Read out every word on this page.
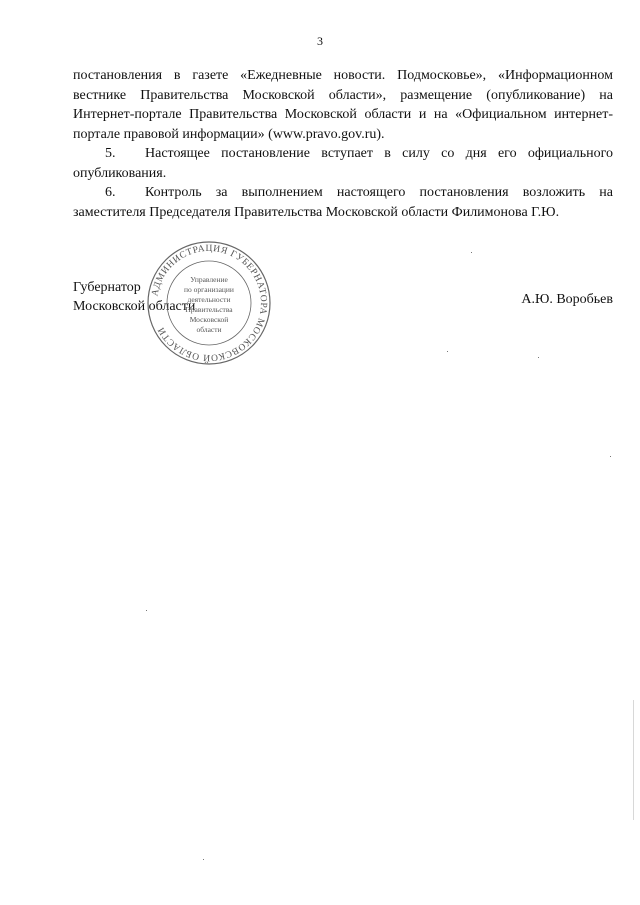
3

постановления в газете «Ежедневные новости. Подмосковье», «Информационном вестнике Правительства Московской области», размещение (опубликование) на Интернет-портале Правительства Московской области и на «Официальном интернет-портале правовой информации» (www.pravo.gov.ru).

5. Настоящее постановление вступает в силу со дня его официального опубликования.

6. Контроль за выполнением настоящего постановления возложить на заместителя Председателя Правительства Московской области Филимонова Г.Ю.

Губернатор
Московской области	А.Ю. Воробьев
АДМИНИСТРАЦИЯ ГУБЕРНАТОРА МОСКОВСКОЙ ОБЛАСТИ
Управление
по организации
деятельности
Правительства
Московской
области
